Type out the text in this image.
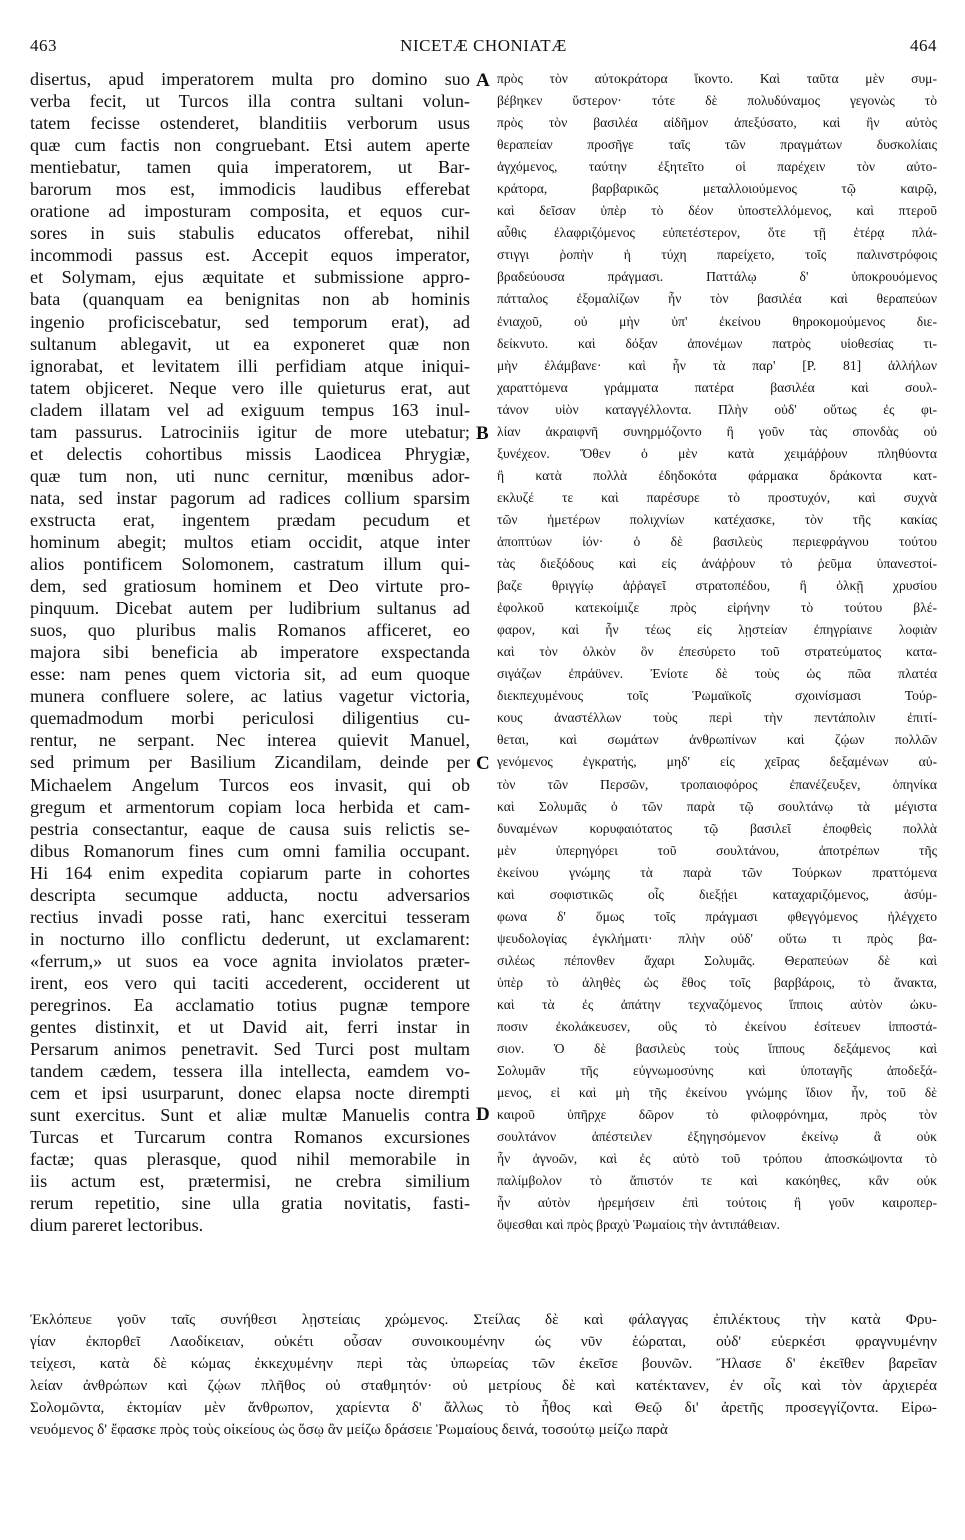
463	NICETÆ CHONIATÆ	464
disertus, apud imperatorem multa pro domino suo
verba fecit, ut Turcos illa contra sultani volun-
tatem fecisse ostenderet, blanditiis verborum usus
quæ cum factis non congruebant. Etsi autem aperte
mentiebatur, tamen quia imperatorem, ut Bar-
barorum mos est, immodicis laudibus efferebat
oratione ad imposturam composita, et equos cur-
sores in suis stabulis educatos offerebat, nihil
incommodi passus est. Accepit equos imperator,
et Solymam, ejus æquitate et submissione appro-
bata (quanquam ea benignitas non ab hominis
ingenio proficiscebatur, sed temporum erat), ad
sultanum ablegavit, ut ea exponeret quæ non
ignorabat, et levitatem illi perfidiam atque iniqui-
tatem objiceret. Neque vero ille quieturus erat, aut
cladem illatam vel ad exiguum tempus 163 inul-
tam passurus. Latrociniis igitur de more utebatur;
et delectis cohortibus missis Laodicea Phrygiæ,
quæ tum non, uti nunc cernitur, mœnibus ador-
nata, sed instar pagorum ad radices collium sparsim
exstructa erat, ingentem prædam pecudum et
hominum abegit; multos etiam occidit, atque inter
alios pontificem Solomonem, castratum illum qui-
dem, sed gratiosum hominem et Deo virtute pro-
pinquum. Dicebat autem per ludibrium sultanus ad
suos, quo pluribus malis Romanos afficeret, eo
majora sibi beneficia ab imperatore exspectanda
esse: nam penes quem victoria sit, ad eum quoque
munera confluere solere, ac latius vagetur victoria,
quemadmodum morbi periculosi diligentius cu-
rentur, ne serpant. Nec interea quievit Manuel,
sed primum per Basilium Zicandilam, deinde per
Michaelem Angelum Turcos eos invasit, qui ob
gregum et armentorum copiam loca herbida et cam-
pestria consectantur, eaque de causa suis relictis se-
dibus Romanorum fines cum omni familia occupant.
Hi 164 enim expedita copiarum parte in cohortes
descripta secumque adducta, noctu adversarios
rectius invadi posse rati, hanc exercitui tesseram
in nocturno illo conflictu dederunt, ut exclamarent:
«ferrum,» ut suos ea voce agnita inviolatos præter-
irent, eos vero qui taciti accederent, occiderent ut
peregrinos. Ea acclamatio totius pugnæ tempore
gentes distinxit, et ut David ait, ferri instar in
Persarum animos penetravit. Sed Turci post multam
tandem cædem, tessera illa intellecta, eamdem vo-
cem et ipsi usurparunt, donec elapsa nocte dirempti
sunt exercitus. Sunt et aliæ multæ Manuelis contra
Turcas et Turcarum contra Romanos excursiones
factæ; quas plerasque, quod nihil memorabile in
iis actum est, prætermisi, ne crebra similium
rerum repetitio, sine ulla gratia novitatis, fasti-
dium pareret lectoribus.
πρὸς τὸν αὐτοκράτορα ἵκοντο. Καὶ ταῦτα μὲν συμ-
βέβηκεν ὕστερον· τότε δὲ πολυδύναμος γεγονὼς τὸ
πρὸς τὸν βασιλέα αἰδῆμον ἀπεξύσατο, καὶ ἣν αὐτὸς
θεραπείαν προσῆγε ταῖς τῶν πραγμάτων δυσκολίαις
ἀγχόμενος, ταύτην ἐξητεῖτο οἱ παρέχειν τὸν αὐτο-
κράτορα, βαρβαρικῶς μεταλλοιούμενος τῷ καιρῷ,
καὶ δεῖσαν ὑπὲρ τὸ δέον ὑποστελλόμενος, καὶ πτεροῦ
αὖθις ἐλαφριζόμενος εὐπετέστερον, ὅτε τῇ ἑτέρᾳ πλά-
στιγγι ῥοπὴν ἡ τύχη παρείχετο, τοῖς παλινστρόφοις
βραδεύουσα πράγμασι. Παττάλῳ δ' ὑποκρουόμενος
πάτταλος ἐξομαλίζων ἦν τὸν βασιλέα καὶ θεραπεύων
ἐνιαχοῦ, οὐ μὴν ὑπ' ἐκείνου θηροκομούμενος διε-
δείκνυτο. καὶ δόξαν ἀπονέμων πατρὸς υἱοθεσίας τι-
μὴν ἐλάμβανε· καὶ ἦν τὰ παρ' [P. 81] ἀλλήλων
χαραττόμενα γράμματα πατέρα βασιλέα καὶ σουλ-
τάνον υἱὸν καταγγέλλοντα. Πλὴν οὐδ' οὕτως ἐς φι-
λίαν ἀκραιφνῆ συνηρμόζοντο ἢ γοῦν τὰς σπονδὰς οὐ
ξυνέχεον. Ὅθεν ὁ μὲν κατὰ χειμάῤῥουν πληθύοντα
ἢ κατὰ πολλὰ ἐδηδοκότα φάρμακα δράκοντα κατ-
εκλυζέ τε καὶ παρέσυρε τὸ προστυχόν, καὶ συχνὰ
τῶν ἡμετέρων πολιχνίων κατέχασκε, τὸν τῆς κακίας
ἀποπτύων ἰόν· ὁ δὲ βασιλεὺς περιεφράγνου τούτου
τὰς διεξόδους καὶ εἰς ἀνάῤῥουν τὸ ῥεῦμα ὑπανεστοί-
βαζε θριγγίῳ ἀῤῥαγεῖ στρατοπέδου, ἢ ὁλκῇ χρυσίου
ἐφολκοῦ κατεκοίμιζε πρὸς εἰρήνην τὸ τούτου βλέ-
φαρον, καὶ ἦν τέως εἰς λῃστείαν ἐπηγρίαινε λοφιὰν
καὶ τὸν ὁλκὸν ὃν ἐπεσύρετο τοῦ στρατεύματος κατα-
σιγάζων ἐπράϋνεν. Ἐνίοτε δὲ τοὺς ὡς πῶα πλατέα
διεκπεχυμένους τοῖς Ῥωμαϊκοῖς σχοινίσμασι Τούρ-
κους ἀναστέλλων τοὺς περὶ τὴν πεντάπολιν ἐπιτί-
θεται, καὶ σωμάτων ἀνθρωπίνων καὶ ζῴων πολλῶν
γενόμενος ἐγκρατής, μηδ' εἰς χεῖρας δεξαμένων αὐ-
τὸν τῶν Περσῶν, τροπαιοφόρος ἐπανέζευξεν, ὁπηνίκα
καὶ Σολυμᾶς ὁ τῶν παρὰ τῷ σουλτάνῳ τὰ μέγιστα
δυναμένων κορυφαιότατος τῷ βασιλεῖ ἐποφθεὶς πολλὰ
μὲν ὑπερηγόρει τοῦ σουλτάνου, ἀποτρέπων τῆς
ἐκείνου γνώμης τὰ παρὰ τῶν Τούρκων πραττόμενα
καὶ σοφιστικῶς οἷς διεξῄει καταχαριζόμενος, ἀσύμ-
φωνα δ' ὅμως τοῖς πράγμασι φθεγγόμενος ἠλέγχετο
ψευδολογίας ἐγκλήματι· πλὴν οὐδ' οὕτω τι πρὸς βα-
σιλέως πέπονθεν ἄχαρι Σολυμᾶς. Θεραπεύων δὲ καὶ
ὑπὲρ τὸ ἀληθὲς ὡς ἔθος τοῖς βαρβάροις, τὸ ἄνακτα,
καὶ τὰ ἐς ἀπάτην τεχναζόμενος ἵπποις αὐτὸν ὠκυ-
ποσιν ἐκολάκευσεν, οὓς τὸ ἐκείνου ἐσίτευεν ἱπποστά-
σιον. Ὁ δὲ βασιλεὺς τοὺς ἵππους δεξάμενος καὶ
Σολυμᾶν τῆς εὐγνωμοσύνης καὶ ὑποταγῆς ἀποδεξά-
μενος, εἰ καὶ μὴ τῆς ἐκείνου γνώμης ἴδιον ἦν, τοῦ δὲ
καιροῦ ὑπῆρχε δῶρον τὸ φιλοφρόνημα, πρὸς τὸν
σουλτάνον ἀπέστειλεν ἐξηγησόμενον ἐκείνῳ ἃ οὐκ
ἦν ἀγνοῶν, καὶ ἐς αὐτὸ τοῦ τρόπου ἀποσκώψοντα τὸ
παλίμβολον τὸ ἄπιστόν τε καὶ κακόηθες, κἂν οὐκ
ἦν αὐτὸν ἠρεμήσειν ἐπὶ τούτοις ἢ γοῦν καιροπερ-
ὄψεσθαι καὶ πρὸς βραχὺ Ῥωμαίοις τὴν ἀντιπάθειαν.
A
B
C
D
Ἐκλόπευε γοῦν ταῖς συνήθεσι λῃστείαις χρώμενος. Στείλας δὲ καὶ φάλαγγας ἐπιλέκτους τὴν κατὰ Φρυ-
γίαν ἐκπορθεῖ Λαοδίκειαν, οὐκέτι οὖσαν συνοικουμένην ὡς νῦν ἑώραται, οὐδ' εὐερκέσι φραγνυμένην
τείχεσι, κατὰ δὲ κώμας ἐκκεχυμένην περὶ τὰς ὑπωρείας τῶν ἐκεῖσε βουνῶν. Ἤλασε δ' ἐκεῖθεν βαρεῖαν
λείαν ἀνθρώπων καὶ ζῴων πλῆθος οὐ σταθμητόν· οὐ μετρίους δὲ καὶ κατέκτανεν, ἐν οἷς καὶ τὸν ἀρχιερέα
Σολομῶντα, ἐκτομίαν μὲν ἄνθρωπον, χαρίεντα δ' ἄλλως τὸ ἦθος καὶ Θεῷ δι' ἀρετῆς προσεγγίζοντα. Εἰρω-
νευόμενος δ' ἔφασκε πρὸς τοὺς οἰκείους ὡς ὅσῳ ἂν μείζω δράσειε Ῥωμαίους δεινά, τοσούτῳ μείζω παρὰ
